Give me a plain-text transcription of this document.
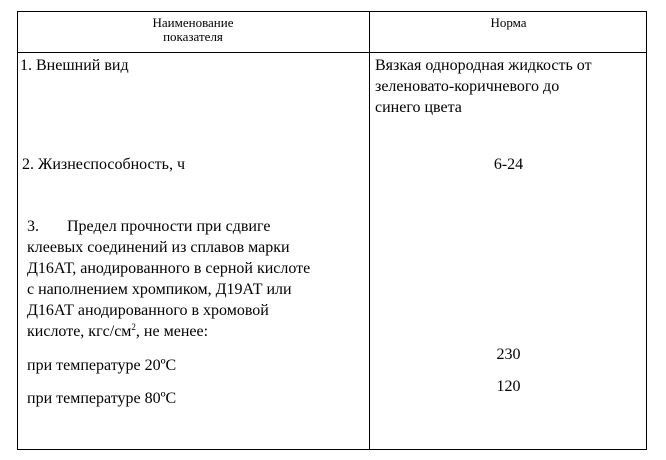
Наименование
показателя
Норма
1. Внешний вид	Вязкая однородная жидкость от
зеленовато-коричневого до
синего цвета
2. Жизнеспособность, ч	6-24
3.       Предел прочности при сдвиге
клеевых соединений из сплавов марки
Д16АТ, анодированного в серной кислоте
с наполнением хромпиком, Д19АТ или
Д16АТ анодированного в хромовой
кислоте, кгс/$см^2$, не менее:
при температуре 20ºС
при температуре 80ºС
230
120
